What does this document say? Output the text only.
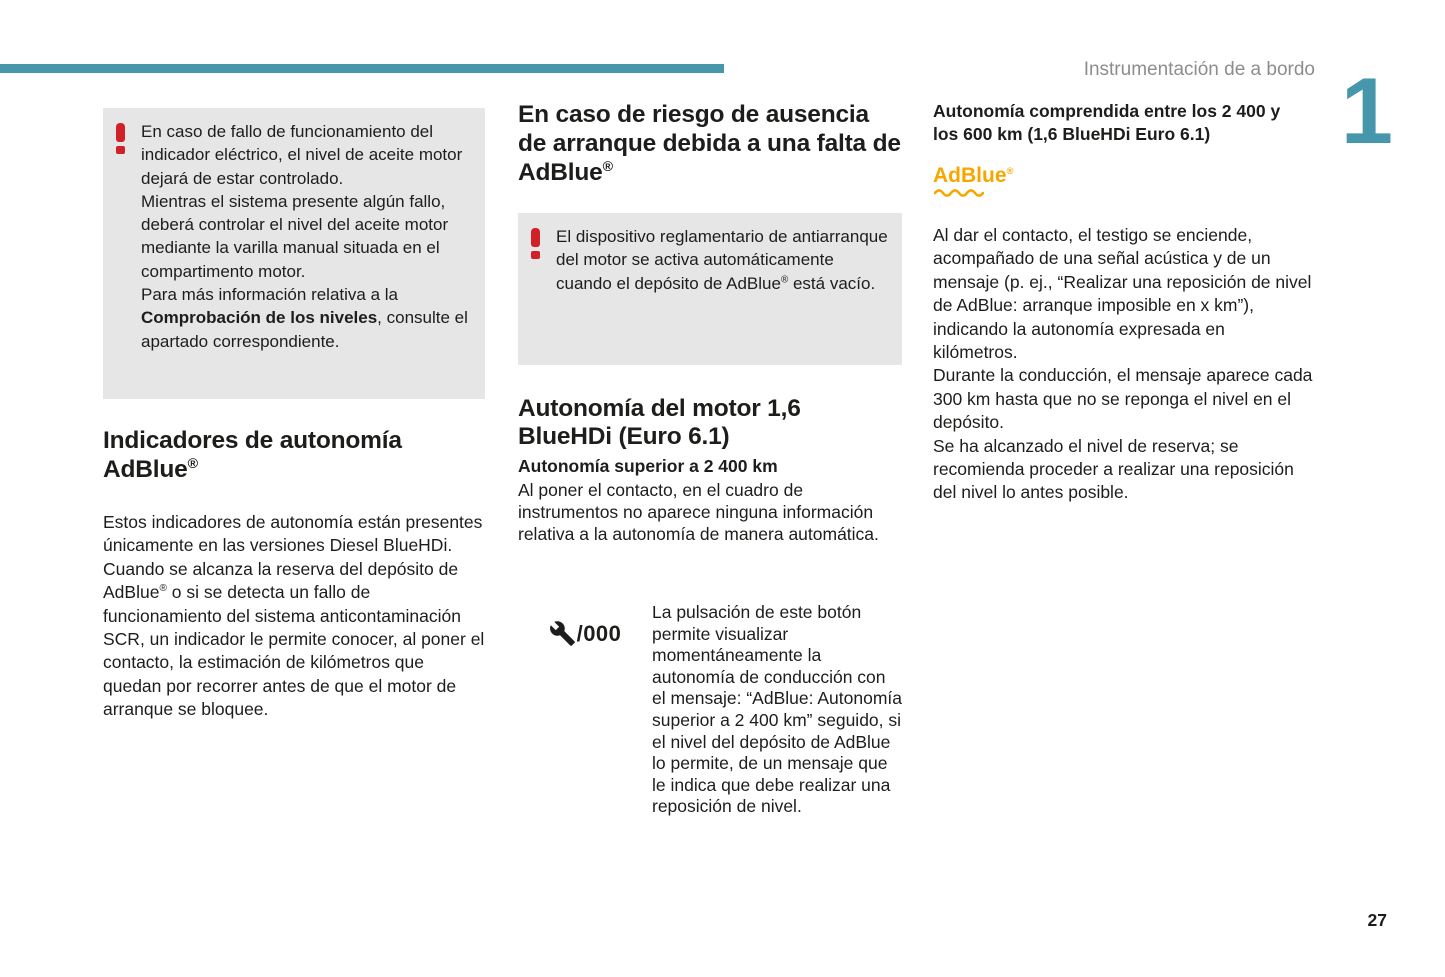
Instrumentación de a bordo 1

En caso de fallo de funcionamiento del indicador eléctrico, el nivel de aceite motor dejará de estar controlado.

Mientras el sistema presente algún fallo, deberá controlar el nivel del aceite motor mediante la varilla manual situada en el compartimento motor.

Para más información relativa a la Comprobación de los niveles, consulte el apartado correspondiente.

Indicadores de autonomía
AdBlue®

Estos indicadores de autonomía están presentes únicamente en las versiones Diesel BlueHDi.

Cuando se alcanza la reserva del depósito de AdBlue® o si se detecta un fallo de funcionamiento del sistema anticontaminación SCR, un indicador le permite conocer, al poner el contacto, la estimación de kilómetros que quedan por recorrer antes de que el motor de arranque se bloquee.

En caso de riesgo de ausencia
de arranque debida a una falta de
AdBlue®

El dispositivo reglamentario de antiarranque del motor se activa automáticamente cuando el depósito de AdBlue® está vacío.

Autonomía del motor 1,6
BlueHDi (Euro 6.1)

Autonomía superior a 2 400 km

Al poner el contacto, en el cuadro de instrumentos no aparece ninguna información relativa a la autonomía de manera automática.

/000

La pulsación de este botón permite visualizar momentáneamente la autonomía de conducción con el mensaje: “AdBlue: Autonomía superior a 2 400 km” seguido, si el nivel del depósito de AdBlue lo permite, de un mensaje que le indica que debe realizar una reposición de nivel.

Autonomía comprendida entre los 2 400 y
los 600 km (1,6 BlueHDi Euro 6.1)
AdBlue®

Al dar el contacto, el testigo se enciende, acompañado de una señal acústica y de un mensaje (p. ej., “Realizar una reposición de nivel de AdBlue: arranque imposible en x km”), indicando la autonomía expresada en kilómetros.

Durante la conducción, el mensaje aparece cada 300 km hasta que no se reponga el nivel en el depósito.

Se ha alcanzado el nivel de reserva; se recomienda proceder a realizar una reposición del nivel lo antes posible.

27
